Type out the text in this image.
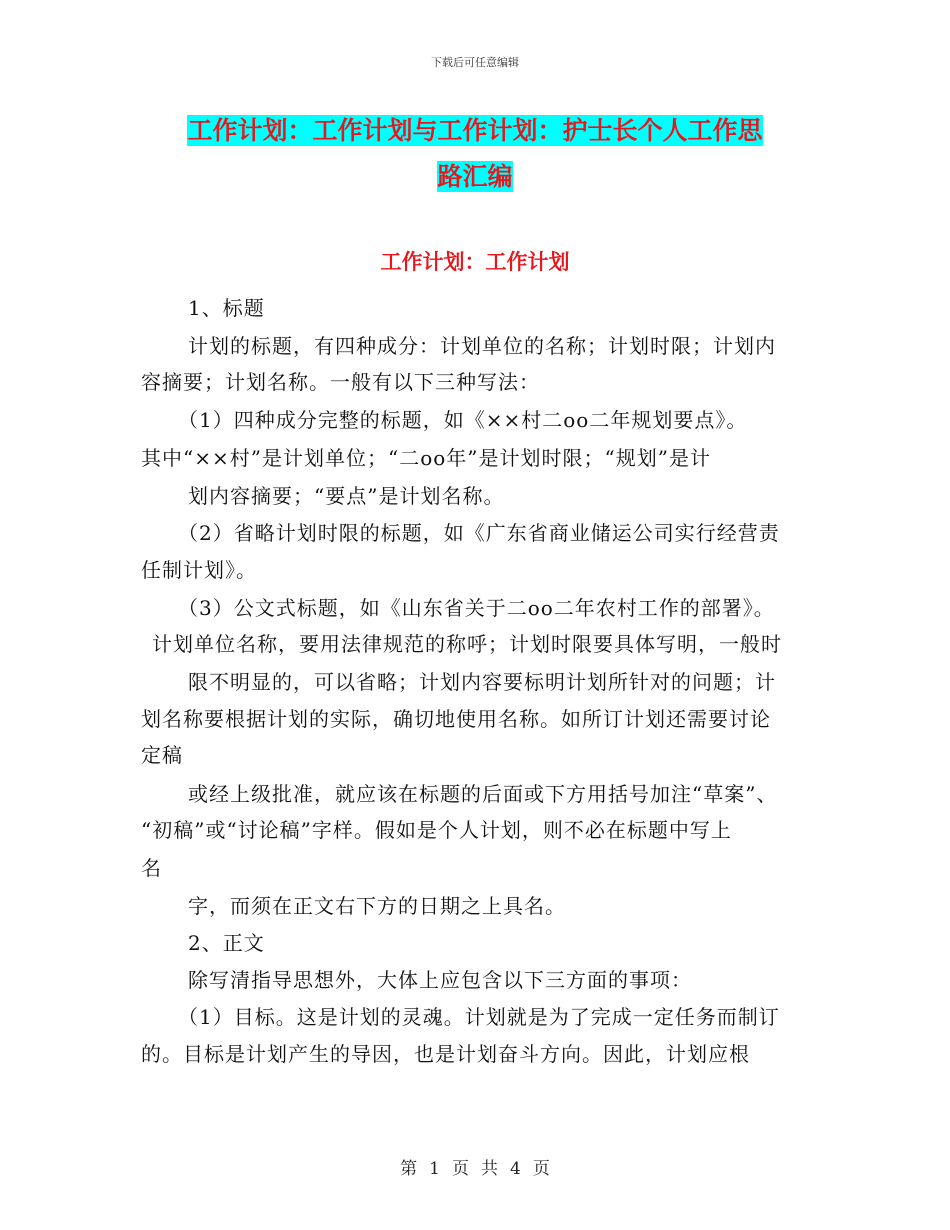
下载后可任意编辑
工作计划：工作计划与工作计划：护士长个人工作思
路汇编
工作计划：工作计划
1、标题
计划的标题，有四种成分：计划单位的名称；计划时限；计划内
容摘要；计划名称。一般有以下三种写法：
（1）四种成分完整的标题，如《××村二oo二年规划要点》。
其中“××村”是计划单位；“二oo年”是计划时限；“规划”是计
划内容摘要；“要点”是计划名称。
（2）省略计划时限的标题，如《广东省商业储运公司实行经营责
任制计划》。
（3）公文式标题，如《山东省关于二oo二年农村工作的部署》。
计划单位名称，要用法律规范的称呼；计划时限要具体写明，一般时
限不明显的，可以省略；计划内容要标明计划所针对的问题；计
划名称要根据计划的实际，确切地使用名称。如所订计划还需要讨论
定稿
或经上级批准，就应该在标题的后面或下方用括号加注“草案”、
“初稿”或“讨论稿”字样。假如是个人计划，则不必在标题中写上
名
字，而须在正文右下方的日期之上具名。
2、正文
除写清指导思想外，大体上应包含以下三方面的事项：
（1）目标。这是计划的灵魂。计划就是为了完成一定任务而制订
的。目标是计划产生的导因，也是计划奋斗方向。因此，计划应根
第 1 页 共 4 页
